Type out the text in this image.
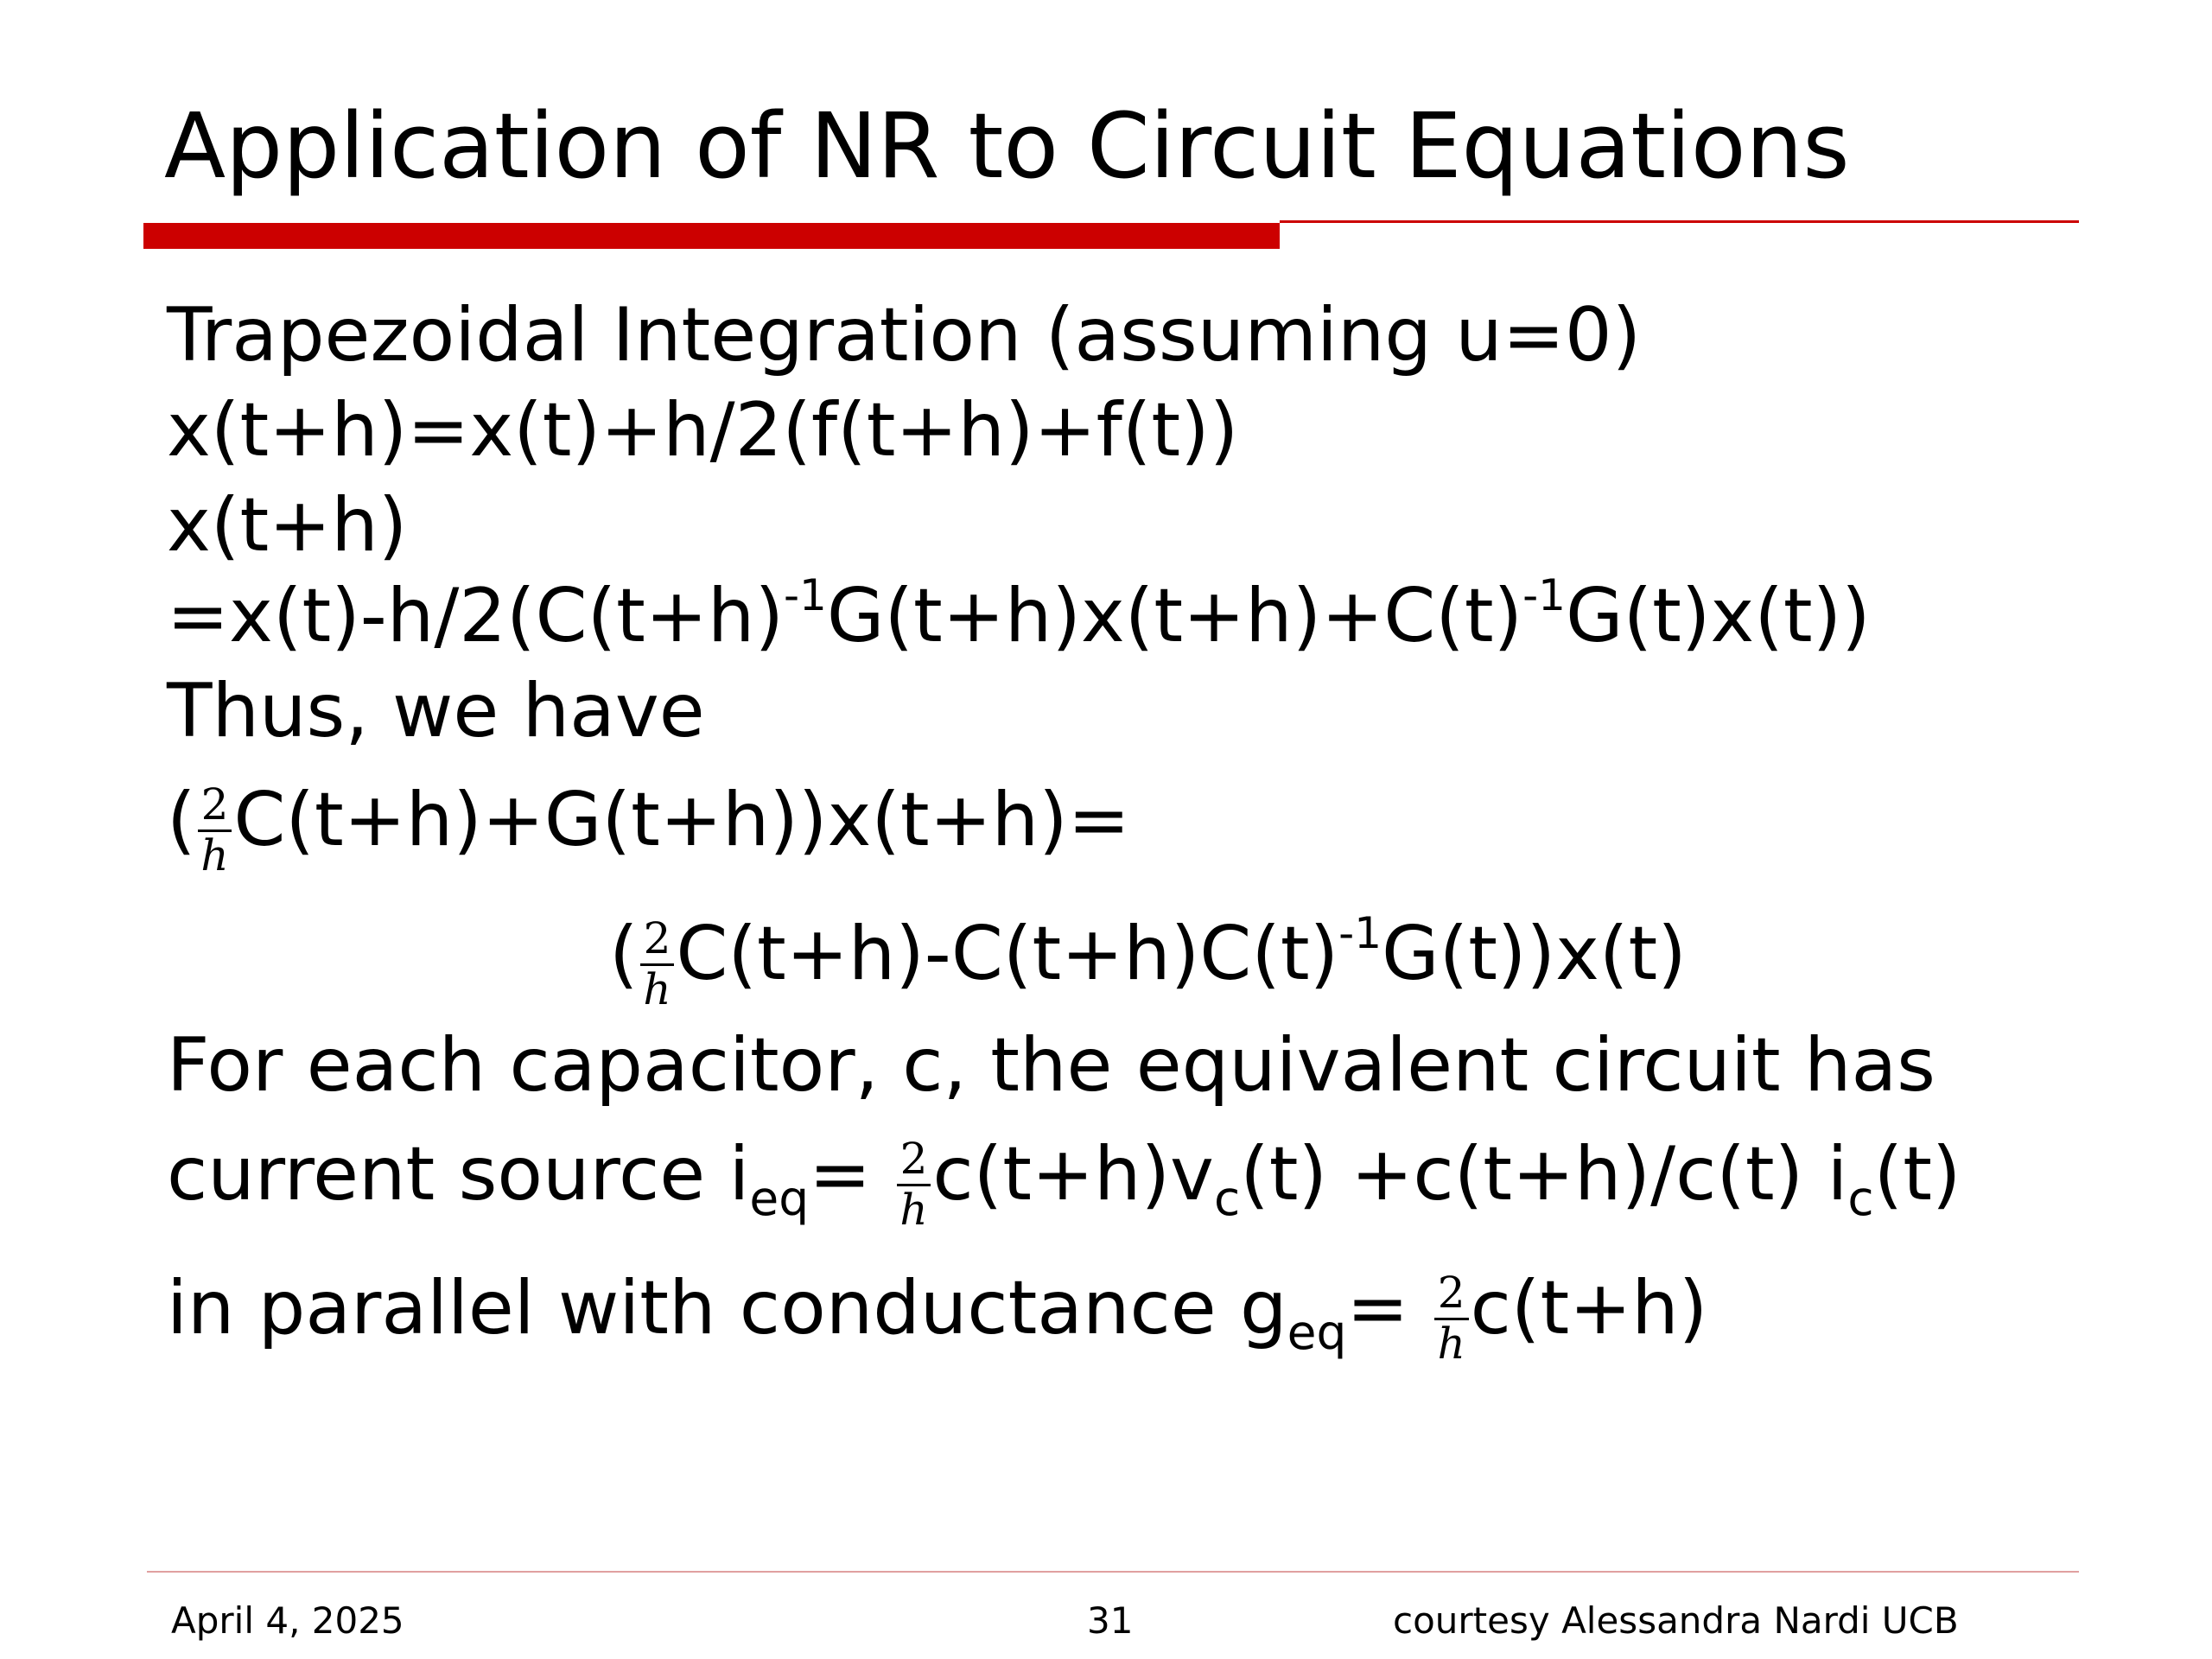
Application of NR to Circuit Equations
Trapezoidal Integration (assuming u=0)
x(t+h)=x(t)+h/2(f(t+h)+f(t))
x(t+h)
$=x(t)-h/2(C(t+h)^{-1}G(t+h)x(t+h)+C(t)^{-1}G(t)x(t))$
Thus, we have
( $\frac{2}{h} C(t+h)+G(t+h))x(t+h)=$
( $\frac{2}{h} C(t+h)-C(t+h)C(t)^{-1}G(t))x(t)$
For each capacitor, c, the equivalent circuit has
current source $i_{eq}= \frac{2}{h} c(t+h)v_c(t) +c(t+h)/c(t)$ $i_c(t)$
in parallel with conductance $g_{eq}= \frac{2}{h} c(t+h)$
April 4, 2025	31	courtesy Alessandra Nardi UCB
